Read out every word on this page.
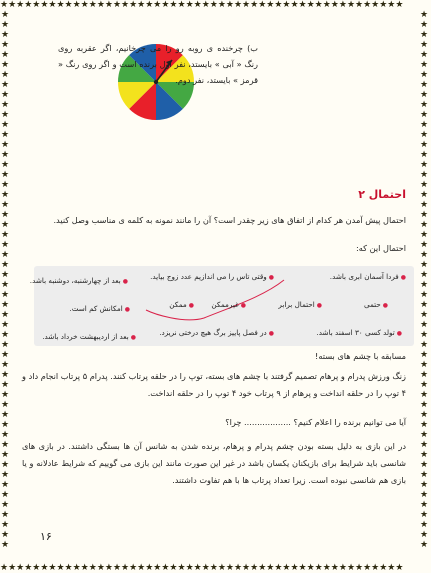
★★★★★★★★★★★★★★★★★★★★★★★★★★★★★★★★★★★★★★★★★★★★★★★★★★
★★★★★★★★★★★★★★★★★★★★★★★★★★★★★★★★★★★★★★★★★★★★★★★★★★
★★★★★★★★★★★★★★★★★★★★★★★★★★★★★★★★★★★★★★★★★★★★★★★★★★★★★★
★★★★★★★★★★★★★★★★★★★★★★★★★★★★★★★★★★★★★★★★★★★★★★★★★★★★★★
ب) چرخنده ی روبه رو را می چرخانیم، اگر عقربه روی رنگ « آبی » بایستد، نفر اول برنده است و اگر روی رنگ « قرمز » بایستد، نفر دوم.
احتمال ۲
احتمال پیش آمدن هر کدام از اتفاق های زیر چقدر است؟ آن را مانند نمونه به کلمه ی مناسب وصل کنید.
احتمال این که:
●فردا آسمان ابری باشد.
●وقتی تاس را می اندازیم عدد زوج بیاید.
●بعد از چهارشنبه، دوشنبه باشد.
●حتمی
●احتمال برابر
●غیرممکن
●ممکن
●امکانش کم است.
●تولد کسی ۳۰ اسفند باشد.
●در فصل پاییز برگ هیچ درختی نریزد.
●بعد از اردیبهشت خرداد باشد.
مسابقه با چشم های بسته!
زنگ ورزش پدرام و پرهام تصمیم گرفتند با چشم های بسته، توپ را در حلقه پرتاب کنند. پدرام ۵ پرتاب انجام داد و ۴ توپ را در حلقه انداخت و پرهام از ۹ پرتاب خود ۴ توپ را در حلقه انداخت.
آیا می توانیم برنده را اعلام کنیم؟ .................. چرا؟
در این بازی به دلیل بسته بودن چشم پدرام و پرهام، برنده شدن به شانس آن ها بستگی داشتند. در بازی های شانسی باید شرایط برای بازیکنان یکسان باشد در غیر این صورت مانند این بازی می گوییم که شرایط عادلانه و یا بازی هم شانسی نبوده است. زیرا تعداد پرتاب ها با هم تفاوت داشتند.
۱۶
